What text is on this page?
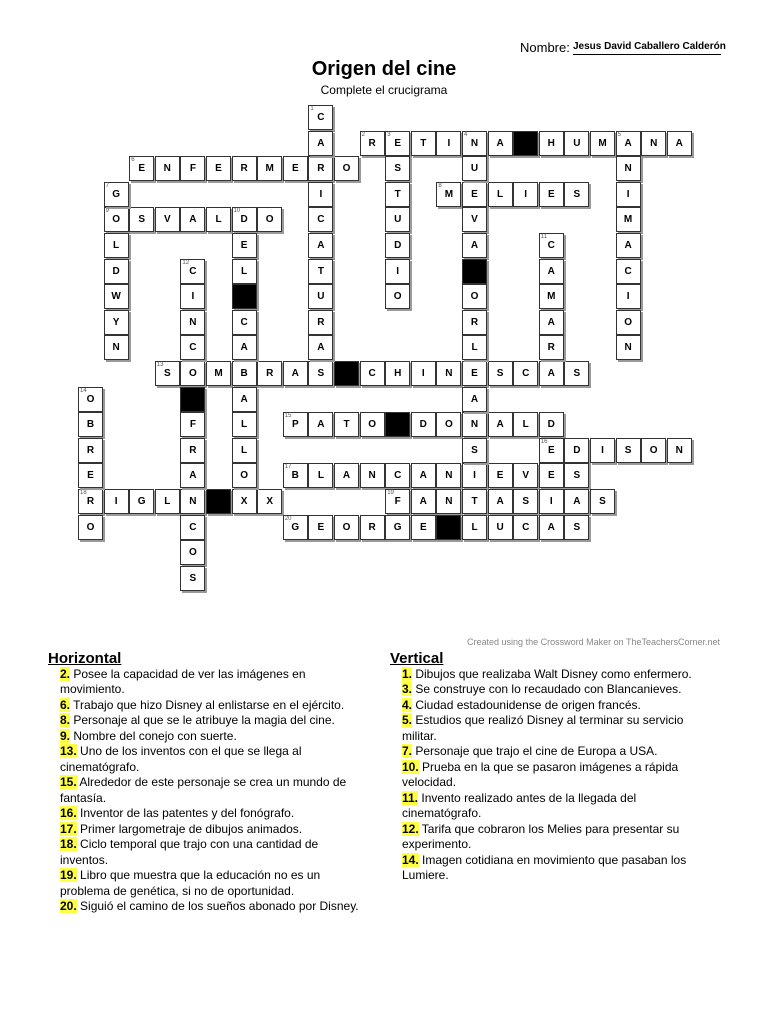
Nombre: Jesus David Caballero Calderón
Origen del cine
Complete el crucigrama
R
2
E
3
T I N
4
A	H U M A
5
N A
E
6
N F E R M E R O
M
8
E L I E S
O
9
S V A L D
10
O
S
13
O M B R A S	C H I N E S C A S
P
15
A T O	D O N A L D
E
16
D I S O N
B
17
L A N C A N I E V E S
R
18
I G L N	X X	F
19
A N T A S I A S
G
20
E O R G E	L U C A S
C
1
A
I
C
A
T
U
R
A
S
T
U
D
I
O
U
V
A
O
R
L
A
S
N
I
M
A
C
I
O
N
G
7
L
D
W
Y
N
E
L
C
A
A
L
L
O
C
11
A
M
A
R
C
12
I
N
C
F
R
A
C
O
S
O
14
B
R
E
O
Created using the Crossword Maker on TheTeachersCorner.net
Horizontal
2. Posee la capacidad de ver las imágenes en movimiento.
6. Trabajo que hizo Disney al enlistarse en el ejército.
8. Personaje al que se le atribuye la magia del cine.
9. Nombre del conejo con suerte.
13. Uno de los inventos con el que se llega al cinematógrafo.
15. Alrededor de este personaje se crea un mundo de fantasía.
16. Inventor de las patentes y del fonógrafo.
17. Primer largometraje de dibujos animados.
18. Ciclo temporal que trajo con una cantidad de inventos.
19. Libro que muestra que la educación no es un problema de genética, si no de oportunidad.
20. Siguió el camino de los sueños abonado por Disney.
Vertical
1. Dibujos que realizaba Walt Disney como enfermero.
3. Se construye con lo recaudado con Blancanieves.
4. Ciudad estadounidense de origen francés.
5. Estudios que realizó Disney al terminar su servicio militar.
7. Personaje que trajo el cine de Europa a USA.
10. Prueba en la que se pasaron imágenes a rápida velocidad.
11. Invento realizado antes de la llegada del cinematógrafo.
12. Tarifa que cobraron los Melies para presentar su experimento.
14. Imagen cotidiana en movimiento que pasaban los Lumiere.
